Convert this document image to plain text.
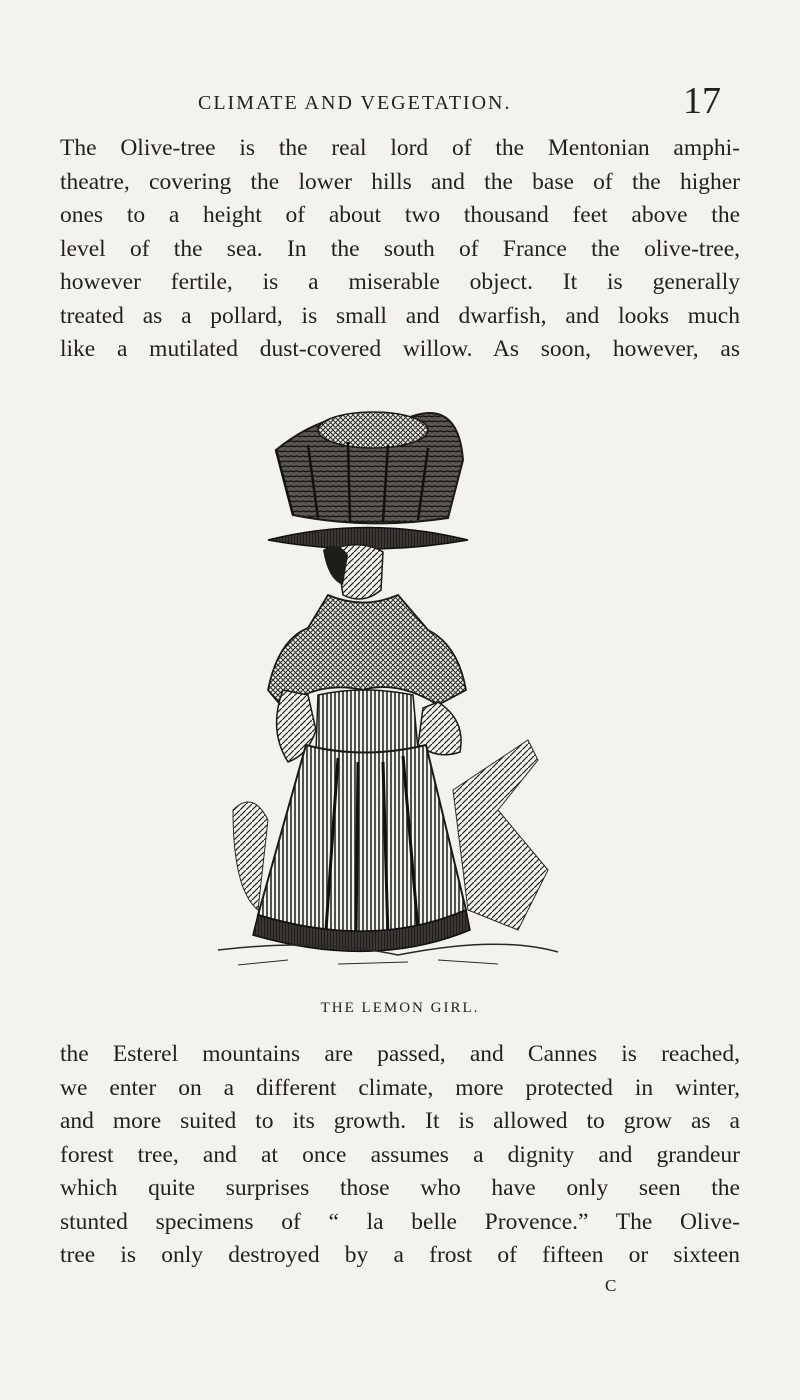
CLIMATE AND VEGETATION.	17
The Olive-tree is the real lord of the Mentonian amphi-
theatre, covering the lower hills and the base of the higher
ones to a height of about two thousand feet above the
level of the sea. In the south of France the olive-tree,
however fertile, is a miserable object. It is generally
treated as a pollard, is small and dwarfish, and looks much
like a mutilated dust-covered willow. As soon, however, as
THE LEMON GIRL.
the Esterel mountains are passed, and Cannes is reached,
we enter on a different climate, more protected in winter,
and more suited to its growth. It is allowed to grow as a
forest tree, and at once assumes a dignity and grandeur
which quite surprises those who have only seen the
stunted specimens of “ la belle Provence.” The Olive-
tree is only destroyed by a frost of fifteen or sixteen
C
